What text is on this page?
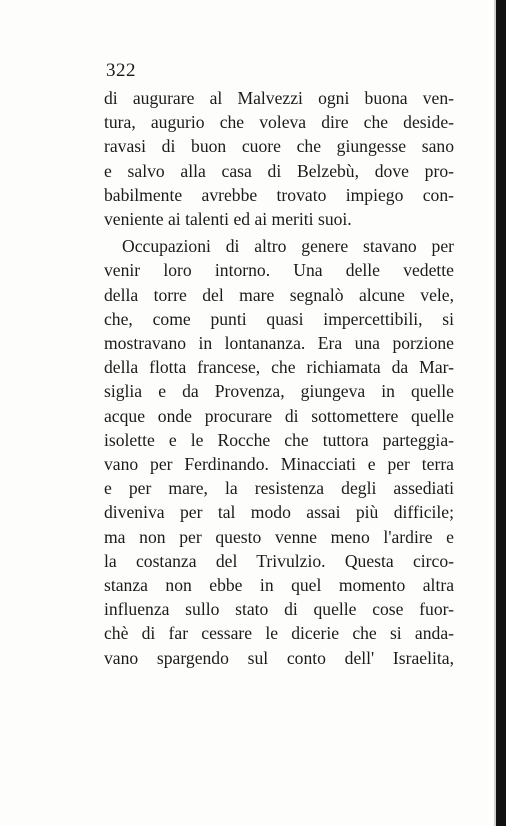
322
di augurare al Malvezzi ogni buona ven-
tura, augurio che voleva dire che deside-
ravasi di buon cuore che giungesse sano
e salvo alla casa di Belzebù, dove pro-
babilmente avrebbe trovato impiego con-
veniente ai talenti ed ai meriti suoi.
Occupazioni di altro genere stavano per
venir loro intorno. Una delle vedette
della torre del mare segnalò alcune vele,
che, come punti quasi impercettibili, si
mostravano in lontananza. Era una porzione
della flotta francese, che richiamata da Mar-
siglia e da Provenza, giungeva in quelle
acque onde procurare di sottomettere quelle
isolette e le Rocche che tuttora parteggia-
vano per Ferdinando. Minacciati e per terra
e per mare, la resistenza degli assediati
diveniva per tal modo assai più difficile;
ma non per questo venne meno l'ardire e
la costanza del Trivulzio. Questa circo-
stanza non ebbe in quel momento altra
influenza sullo stato di quelle cose fuor-
chè di far cessare le dicerie che si anda-
vano spargendo sul conto dell' Israelita,
